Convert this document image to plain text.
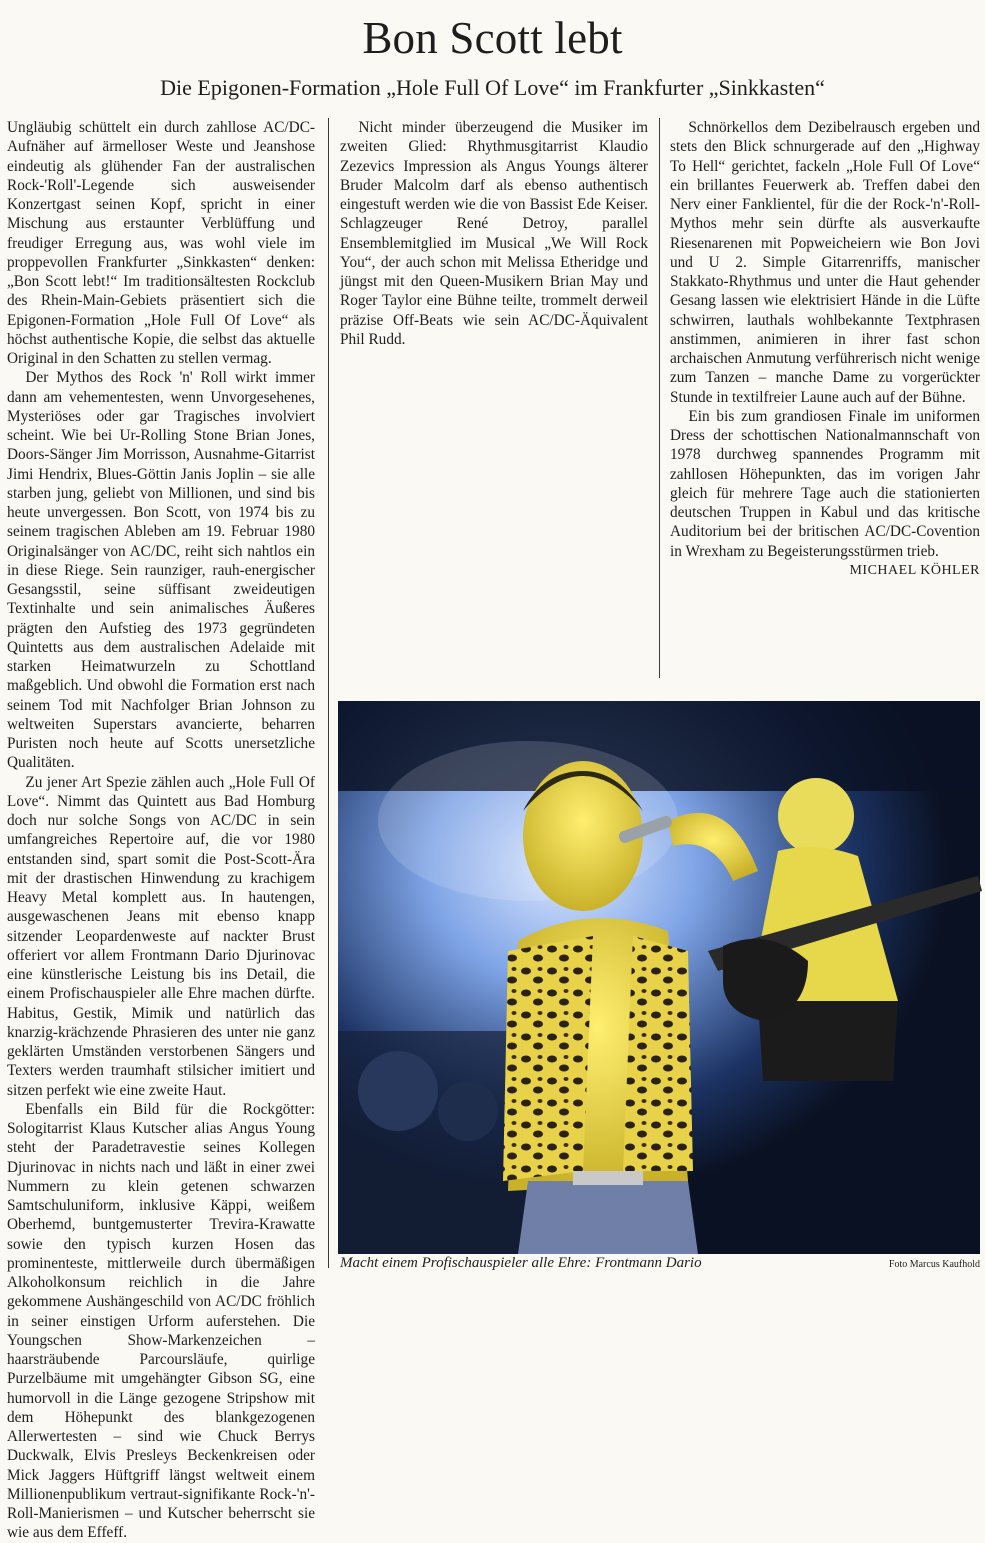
Bon Scott lebt
Die Epigonen-Formation „Hole Full Of Love“ im Frankfurter „Sinkkasten“

Ungläubig schüttelt ein durch zahllose AC/DC-Aufnäher auf ärmelloser Weste und Jeanshose eindeutig als glühender Fan der australischen Rock-'Roll'-Legende sich ausweisender Konzertgast seinen Kopf, spricht in einer Mischung aus erstaunter Verblüffung und freudiger Erregung aus, was wohl viele im proppevollen Frankfurter „Sinkkasten“ denken: „Bon Scott lebt!“ Im traditionsältesten Rockclub des Rhein-Main-Gebiets präsentiert sich die Epigonen-Formation „Hole Full Of Love“ als höchst authentische Kopie, die selbst das aktuelle Original in den Schatten zu stellen vermag.

Der Mythos des Rock 'n' Roll wirkt immer dann am vehementesten, wenn Unvorgesehenes, Mysteriöses oder gar Tragisches involviert scheint. Wie bei Ur-Rolling Stone Brian Jones, Doors-Sänger Jim Morrisson, Ausnahme-Gitarrist Jimi Hendrix, Blues-Göttin Janis Joplin – sie alle starben jung, geliebt von Millionen, und sind bis heute unvergessen. Bon Scott, von 1974 bis zu seinem tragischen Ableben am 19. Februar 1980 Originalsänger von AC/DC, reiht sich nahtlos ein in diese Riege. Sein raunziger, rauh-energischer Gesangsstil, seine süffisant zweideutigen Textinhalte und sein animalisches Äußeres prägten den Aufstieg des 1973 gegründeten Quintetts aus dem australischen Adelaide mit starken Heimatwurzeln zu Schottland maßgeblich. Und obwohl die Formation erst nach seinem Tod mit Nachfolger Brian Johnson zu weltweiten Superstars avancierte, beharren Puristen noch heute auf Scotts unersetzliche Qualitäten.

Zu jener Art Spezie zählen auch „Hole Full Of Love“. Nimmt das Quintett aus Bad Homburg doch nur solche Songs von AC/DC in sein umfangreiches Repertoire auf, die vor 1980 entstanden sind, spart somit die Post-Scott-Ära mit der drastischen Hinwendung zu krachigem Heavy Metal komplett aus. In hautengen, ausgewaschenen Jeans mit ebenso knapp sitzender Leopardenweste auf nackter Brust offeriert vor allem Frontmann Dario Djurinovac eine künstlerische Leistung bis ins Detail, die einem Profischauspieler alle Ehre machen dürfte. Habitus, Gestik, Mimik und natürlich das knarzig-krächzende Phrasieren des unter nie ganz geklärten Umständen verstorbenen Sängers und Texters werden traumhaft stilsicher imitiert und sitzen perfekt wie eine zweite Haut.

Ebenfalls ein Bild für die Rockgötter: Sologitarrist Klaus Kutscher alias Angus Young steht der Paradetravestie seines Kollegen Djurinovac in nichts nach und läßt in einer zwei Nummern zu klein getenen schwarzen Samtschuluniform, inklusive Käppi, weißem Oberhemd, buntgemusterter Trevira-Krawatte sowie den typisch kurzen Hosen das prominenteste, mittlerweile durch übermäßigen Alkoholkonsum reichlich in die Jahre gekommene Aushängeschild von AC/DC fröhlich in seiner einstigen Urform auferstehen. Die Youngschen Show-Markenzeichen – haarsträubende Parcoursläufe, quirlige Purzelbäume mit umgehängter Gibson SG, eine humorvoll in die Länge gezogene Stripshow mit dem Höhepunkt des blankgezogenen Allerwertesten – sind wie Chuck Berrys Duckwalk, Elvis Presleys Beckenkreisen oder Mick Jaggers Hüftgriff längst weltweit einem Millionenpublikum vertraut-signifikante Rock-'n'-Roll-Manierismen – und Kutscher beherrscht sie wie aus dem Effeff.

Nicht minder überzeugend die Musiker im zweiten Glied: Rhythmusgitarrist Klaudio Zezevics Impression als Angus Youngs älterer Bruder Malcolm darf als ebenso authentisch eingestuft werden wie die von Bassist Ede Keiser. Schlagzeuger René Detroy, parallel Ensemblemitglied im Musical „We Will Rock You“, der auch schon mit Melissa Etheridge und jüngst mit den Queen-Musikern Brian May und Roger Taylor eine Bühne teilte, trommelt derweil präzise Off-Beats wie sein AC/DC-Äquivalent Phil Rudd.

Schnörkellos dem Dezibelrausch ergeben und stets den Blick schnurgerade auf den „Highway To Hell“ gerichtet, fackeln „Hole Full Of Love“ ein brillantes Feuerwerk ab. Treffen dabei den Nerv einer Fanklientel, für die der Rock-'n'-Roll-Mythos mehr sein dürfte als ausverkaufte Riesenarenen mit Popweicheiern wie Bon Jovi und U 2. Simple Gitarrenriffs, manischer Stakkato-Rhythmus und unter die Haut gehender Gesang lassen wie elektrisiert Hände in die Lüfte schwirren, lauthals wohlbekannte Textphrasen anstimmen, animieren in ihrer fast schon archaischen Anmutung verführerisch nicht wenige zum Tanzen – manche Dame zu vorgerückter Stunde in textilfreier Laune auch auf der Bühne.

Ein bis zum grandiosen Finale im uniformen Dress der schottischen Nationalmannschaft von 1978 durchweg spannendes Programm mit zahllosen Höhepunkten, das im vorigen Jahr gleich für mehrere Tage auch die stationierten deutschen Truppen in Kabul und das kritische Auditorium bei der britischen AC/DC-Covention in Wrexham zu Begeisterungsstürmen trieb.
MICHAEL KÖHLER

Macht einem Profischauspieler alle Ehre: Frontmann Dario	Foto Marcus Kaufhold
